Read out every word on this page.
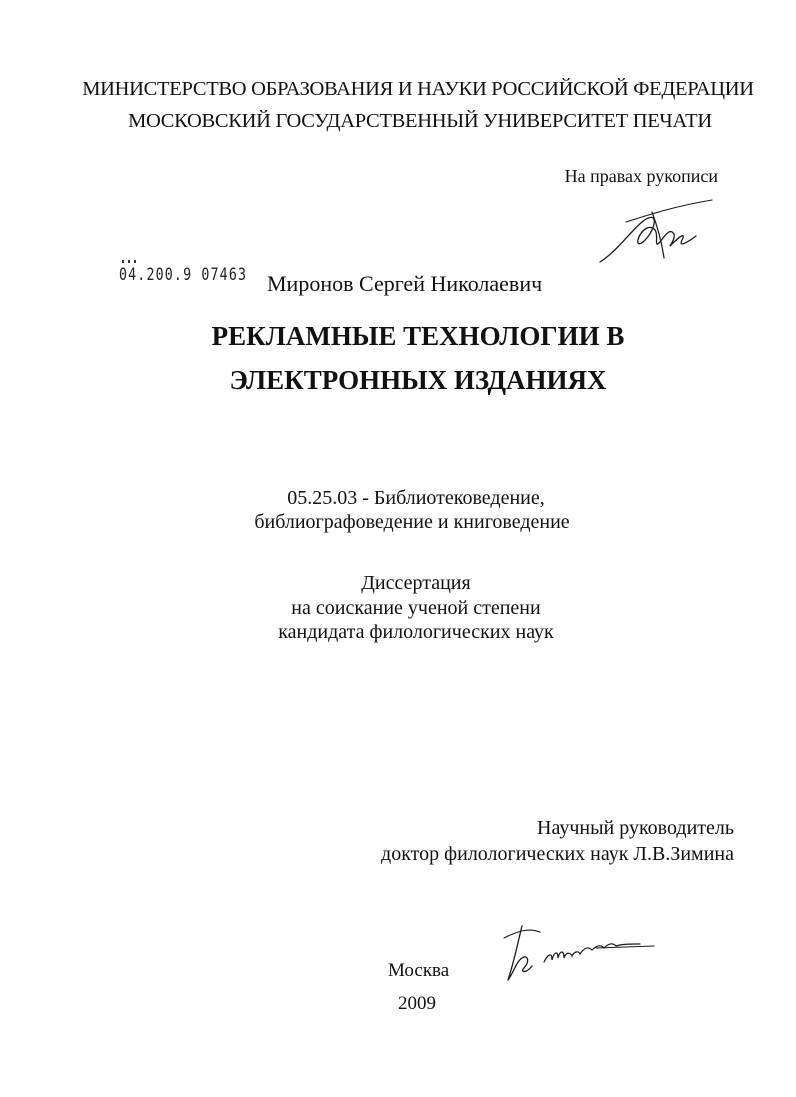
МИНИСТЕРСТВО ОБРАЗОВАНИЯ И НАУКИ РОССИЙСКОЙ ФЕДЕРАЦИИ
МОСКОВСКИЙ ГОСУДАРСТВЕННЫЙ УНИВЕРСИТЕТ ПЕЧАТИ
На правах рукописи
04.200.9 07463 Миронов Сергей Николаевич
РЕКЛАМНЫЕ ТЕХНОЛОГИИ В
ЭЛЕКТРОННЫХ ИЗДАНИЯХ
05.25.03 - Библиотековедение,
библиографоведение и книговедение
Диссертация
на соискание ученой степени
кандидата филологических наук
Научный руководитель
доктор филологических наук Л.В.Зимина
Москва
2009
